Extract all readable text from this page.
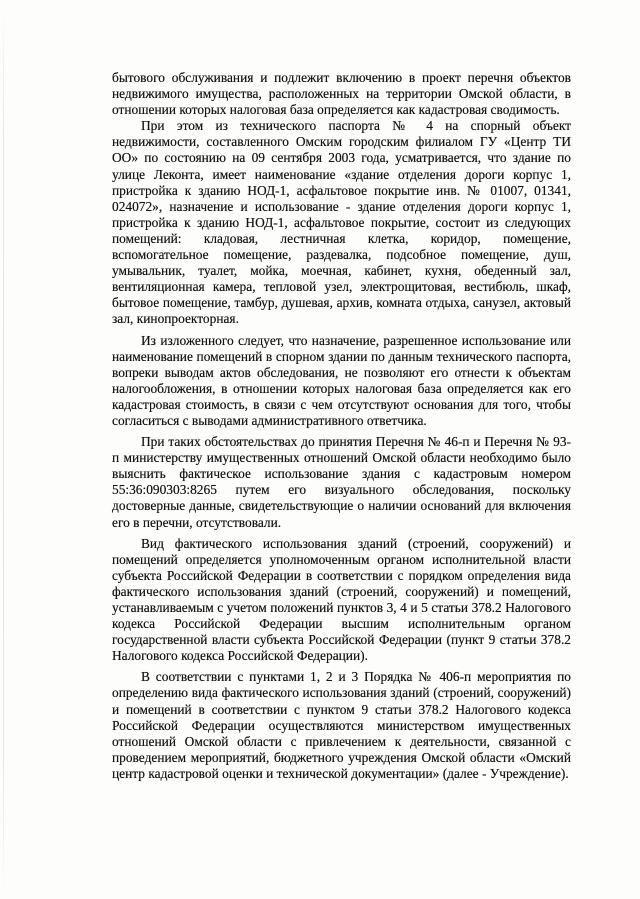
бытового обслуживания и подлежит включению в проект перечня объектов недвижимого имущества, расположенных на территории Омской области, в отношении которых налоговая база определяется как кадастровая сводимость.

При этом из технического паспорта № 4 на спорный объект недвижимости, составленного Омским городским филиалом ГУ «Центр ТИ ОО» по состоянию на 09 сентября 2003 года, усматривается, что здание по улице Леконта, имеет наименование «здание отделения дороги корпус 1, пристройка к зданию НОД-1, асфальтовое покрытие инв. № 01007, 01341, 024072», назначение и использование - здание отделения дороги корпус 1, пристройка к зданию НОД-1, асфальтовое покрытие, состоит из следующих помещений: кладовая, лестничная клетка, коридор, помещение, вспомогательное помещение, раздевалка, подсобное помещение, душ, умывальник, туалет, мойка, моечная, кабинет, кухня, обеденный зал, вентиляционная камера, тепловой узел, электрощитовая, вестибюль, шкаф, бытовое помещение, тамбур, душевая, архив, комната отдыха, санузел, актовый зал, кинопроекторная.

Из изложенного следует, что назначение, разрешенное использование или наименование помещений в спорном здании по данным технического паспорта, вопреки выводам актов обследования, не позволяют его отнести к объектам налогообложения, в отношении которых налоговая база определяется как его кадастровая стоимость, в связи с чем отсутствуют основания для того, чтобы согласиться с выводами административного ответчика.

При таких обстоятельствах до принятия Перечня № 46-п и Перечня № 93-п министерству имущественных отношений Омской области необходимо было выяснить фактическое использование здания с кадастровым номером 55:36:090303:8265 путем его визуального обследования, поскольку достоверные данные, свидетельствующие о наличии оснований для включения его в перечни, отсутствовали.

Вид фактического использования зданий (строений, сооружений) и помещений определяется уполномоченным органом исполнительной власти субъекта Российской Федерации в соответствии с порядком определения вида фактического использования зданий (строений, сооружений) и помещений, устанавливаемым с учетом положений пунктов 3, 4 и 5 статьи 378.2 Налогового кодекса Российской Федерации высшим исполнительным органом государственной власти субъекта Российской Федерации (пункт 9 статьи 378.2 Налогового кодекса Российской Федерации).

В соответствии с пунктами 1, 2 и 3 Порядка № 406-п мероприятия по определению вида фактического использования зданий (строений, сооружений) и помещений в соответствии с пунктом 9 статьи 378.2 Налогового кодекса Российской Федерации осуществляются министерством имущественных отношений Омской области с привлечением к деятельности, связанной с проведением мероприятий, бюджетного учреждения Омской области «Омский центр кадастровой оценки и технической документации» (далее - Учреждение).
